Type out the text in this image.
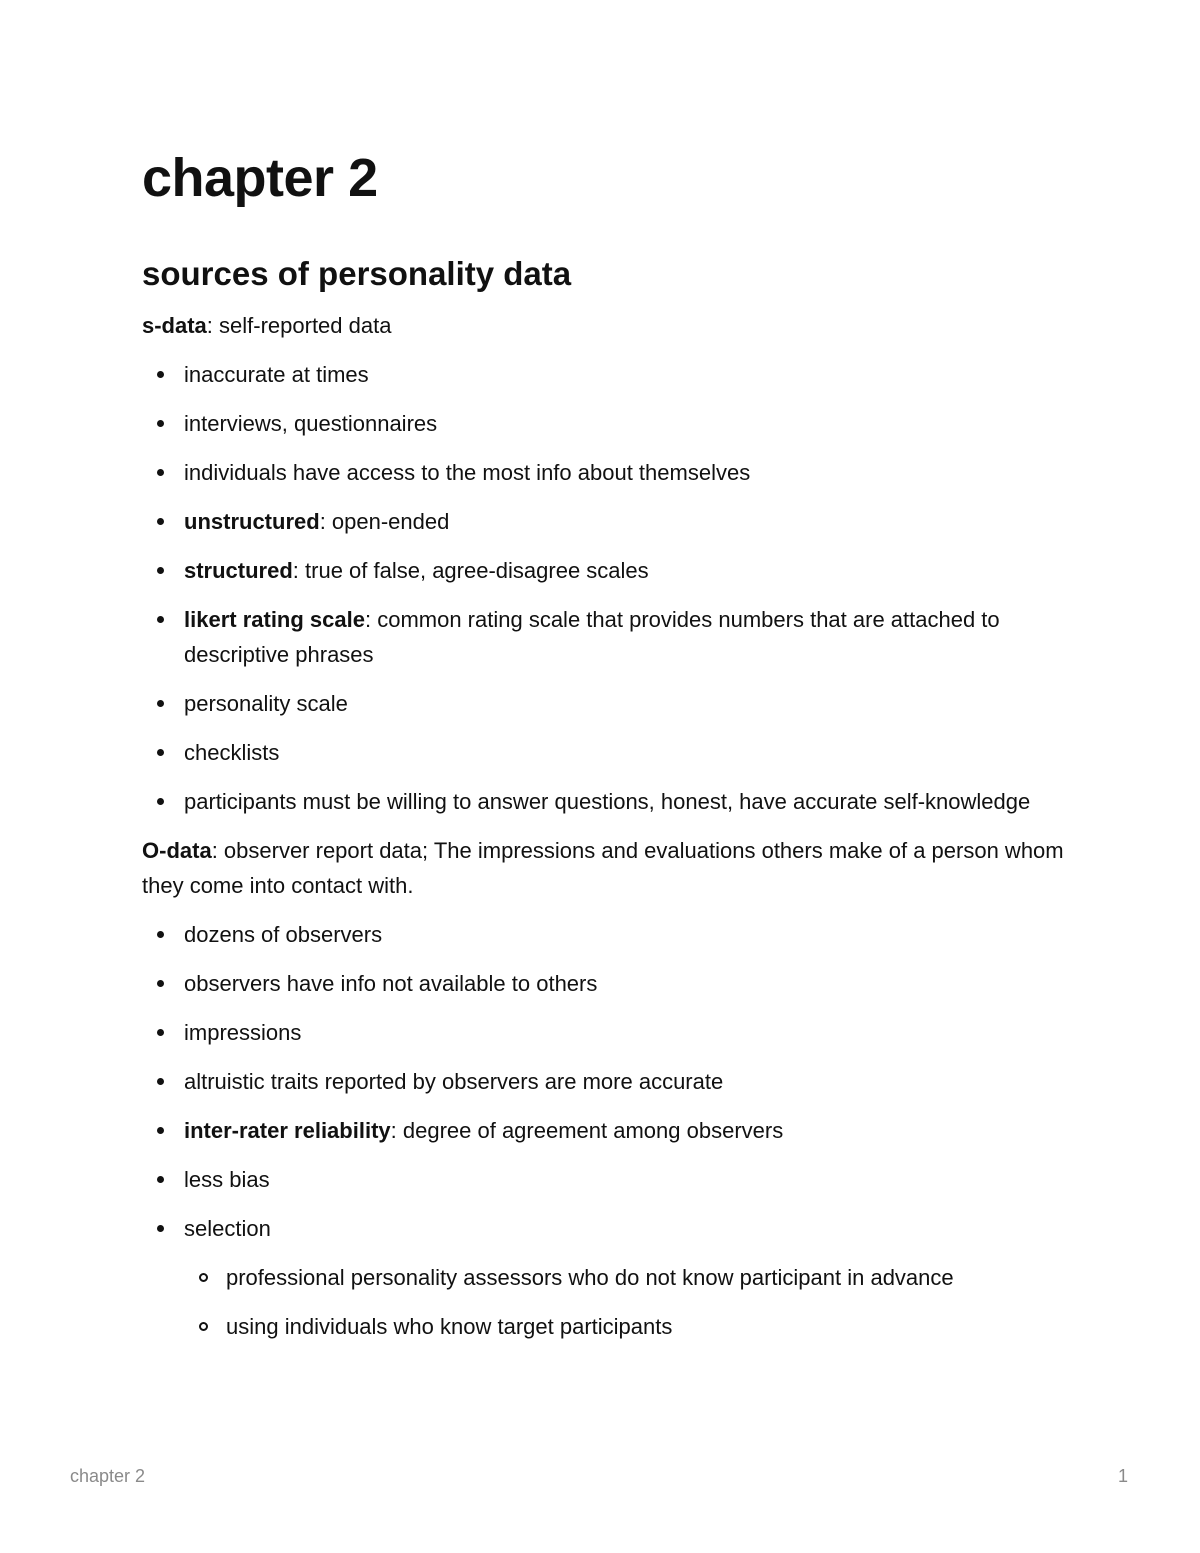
chapter 2
sources of personality data

s-data: self-reported data

inaccurate at times
interviews, questionnaires
individuals have access to the most info about themselves
unstructured: open-ended
structured: true of false, agree-disagree scales
likert rating scale: common rating scale that provides numbers that are attached to descriptive phrases
personality scale
checklists
participants must be willing to answer questions, honest, have accurate self-knowledge

O-data: observer report data; The impressions and evaluations others make of a person whom they come into contact with.

dozens of observers
observers have info not available to others
impressions
altruistic traits reported by observers are more accurate
inter-rater reliability: degree of agreement among observers
less bias
selection
professional personality assessors who do not know participant in advance
using individuals who know target participants
chapter 2	1
